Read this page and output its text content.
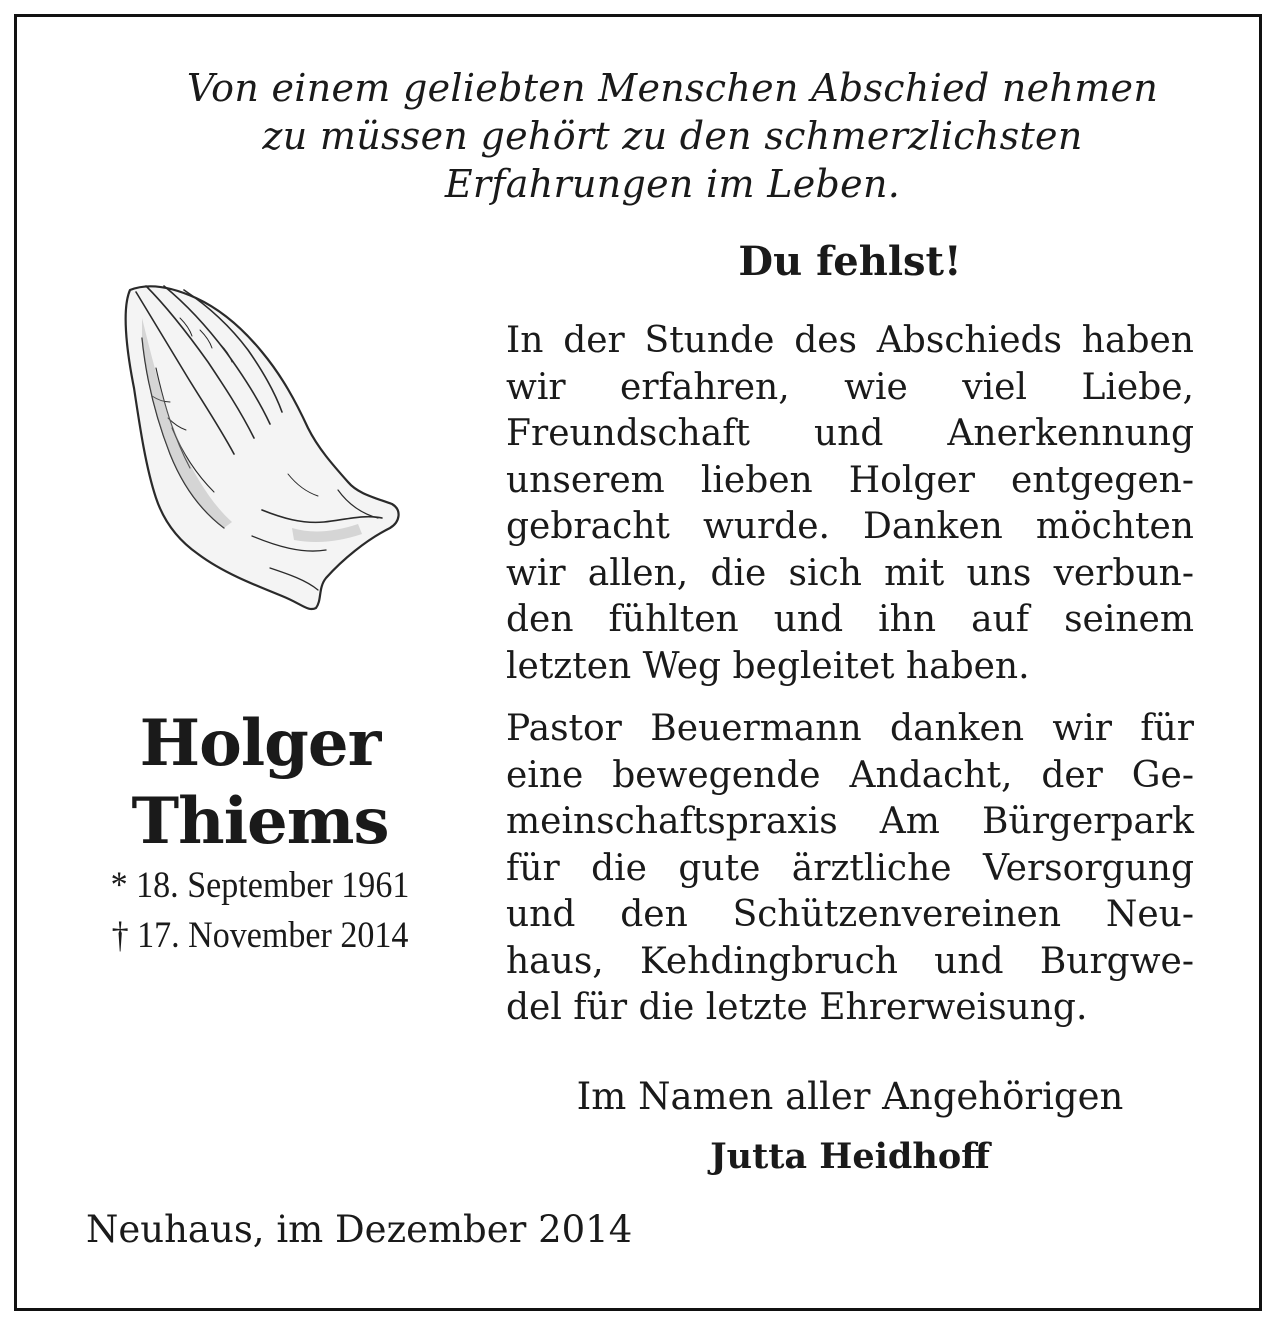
Von einem geliebten Menschen Abschied nehmen
zu müssen gehört zu den schmerzlichsten
Erfahrungen im Leben.
Du fehlst!
Holger
Thiems
* 18. September 1961
† 17. November 2014
In der Stunde des Abschieds haben
wir erfahren, wie viel Liebe,
Freundschaft und Anerkennung
unserem lieben Holger entgegen-
gebracht wurde. Danken möchten
wir allen, die sich mit uns verbun-
den fühlten und ihn auf seinem
letzten Weg begleitet haben.
Pastor Beuermann danken wir für
eine bewegende Andacht, der Ge-
meinschaftspraxis Am Bürgerpark
für die gute ärztliche Versorgung
und den Schützenvereinen Neu-
haus, Kehdingbruch und Burgwe-
del für die letzte Ehrerweisung.
Im Namen aller Angehörigen
Jutta Heidhoff
Neuhaus, im Dezember 2014
